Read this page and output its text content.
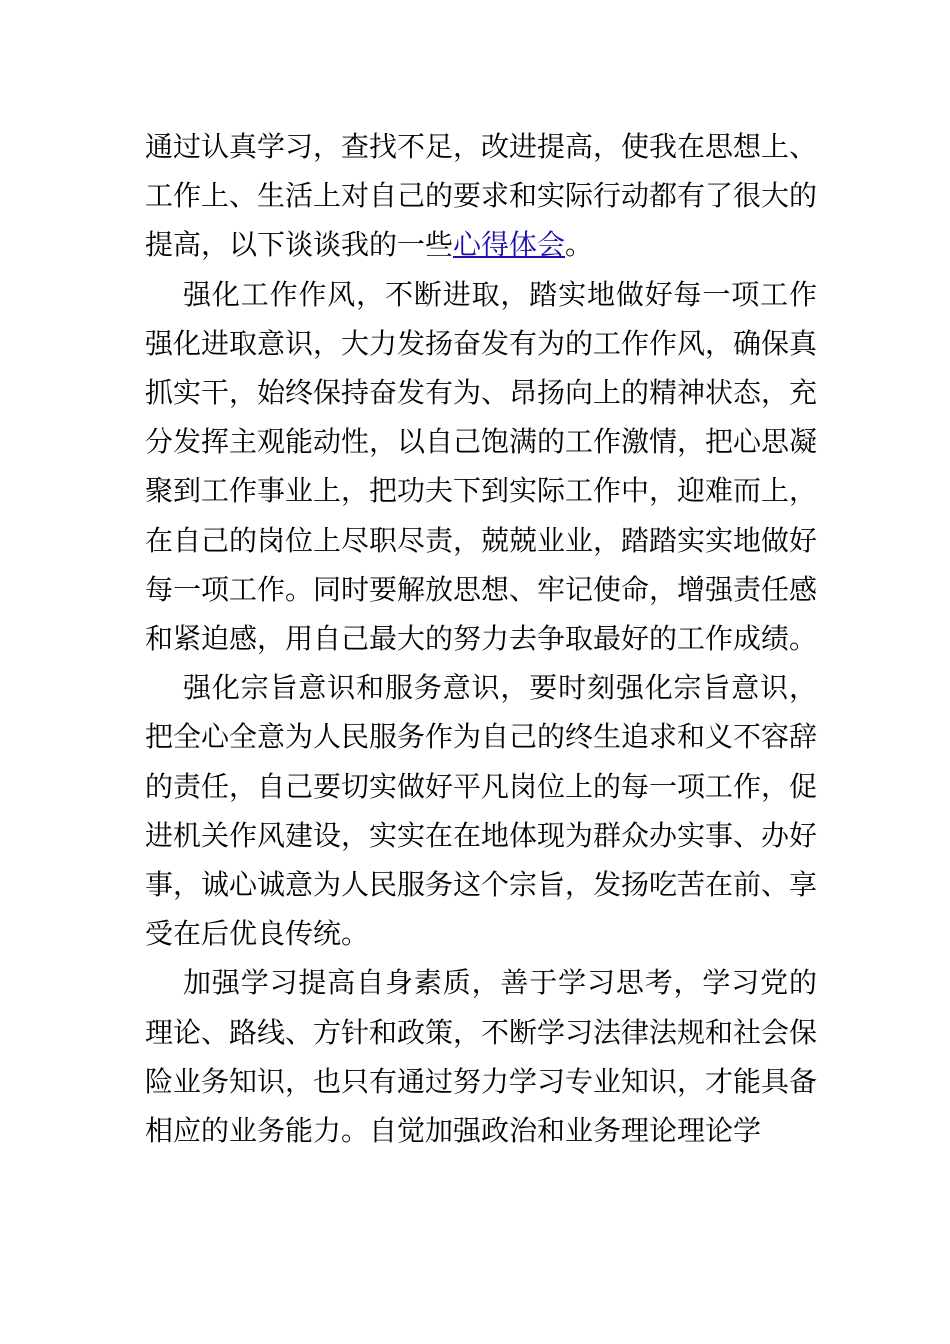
通过认真学习，查找不足，改进提高，使我在思想上、工作上、生活上对自己的要求和实际行动都有了很大的提高，以下谈谈我的一些心得体会。

强化工作作风，不断进取，踏实地做好每一项工作强化进取意识，大力发扬奋发有为的工作作风，确保真抓实干，始终保持奋发有为、昂扬向上的精神状态，充分发挥主观能动性，以自己饱满的工作激情，把心思凝聚到工作事业上，把功夫下到实际工作中，迎难而上，在自己的岗位上尽职尽责，兢兢业业，踏踏实实地做好每一项工作。同时要解放思想、牢记使命，增强责任感和紧迫感，用自己最大的努力去争取最好的工作成绩。

强化宗旨意识和服务意识，要时刻强化宗旨意识，把全心全意为人民服务作为自己的终生追求和义不容辞的责任，自己要切实做好平凡岗位上的每一项工作，促进机关作风建设，实实在在地体现为群众办实事、办好事，诚心诚意为人民服务这个宗旨，发扬吃苦在前、享受在后优良传统。

加强学习提高自身素质，善于学习思考，学习党的理论、路线、方针和政策，不断学习法律法规和社会保险业务知识，也只有通过努力学习专业知识，才能具备相应的业务能力。自觉加强政治和业务理论理论学
